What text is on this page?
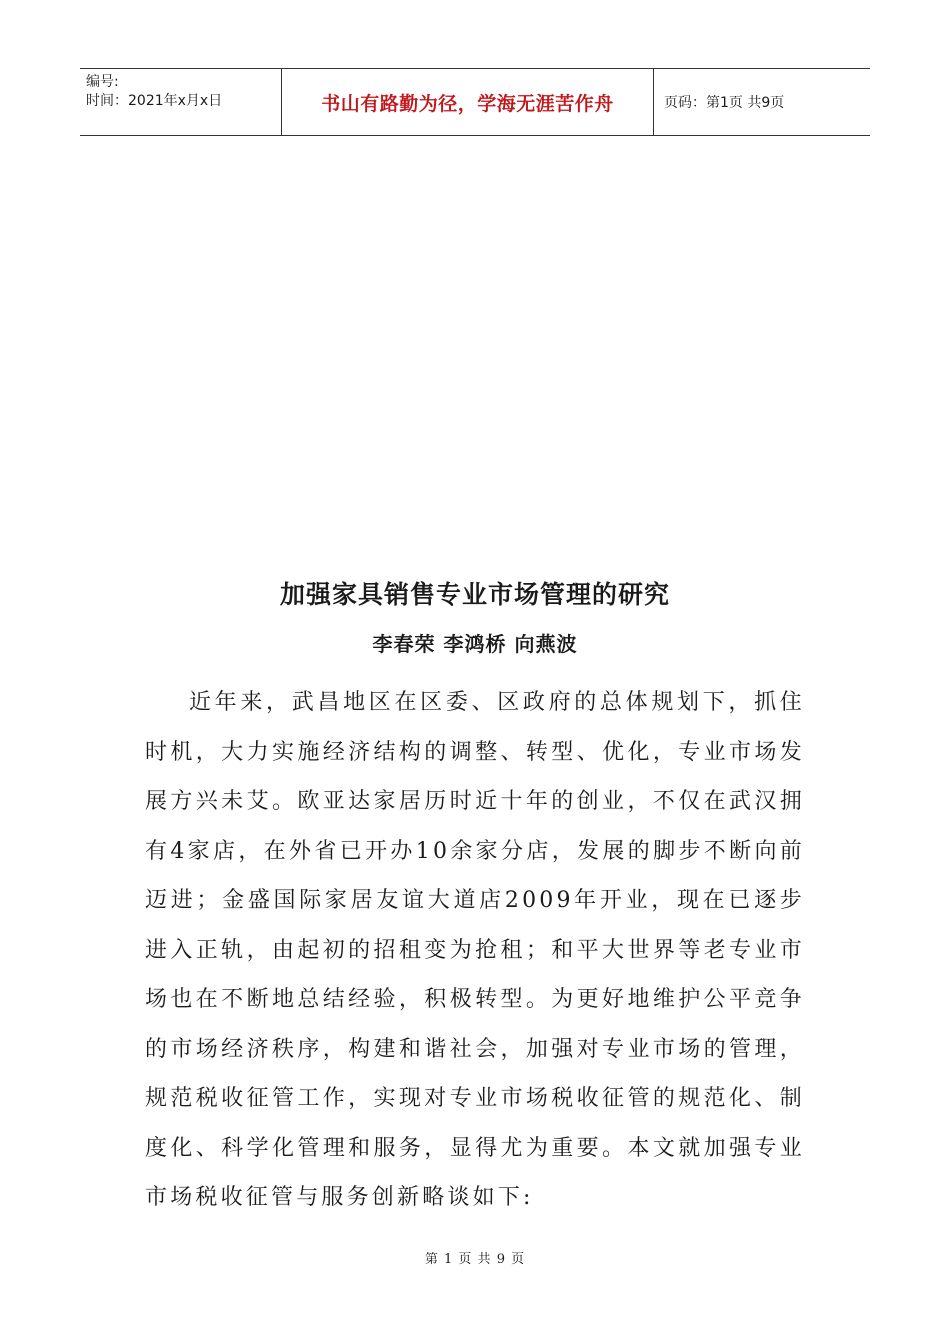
编号:
时间：2021年x月x日	书山有路勤为径，学海无涯苦作舟	页码：第1页 共9页
加强家具销售专业市场管理的研究
李春荣 李鸿桥 向燕波

近年来，武昌地区在区委、区政府的总体规划下，抓住时机，大力实施经济结构的调整、转型、优化，专业市场发展方兴未艾。欧亚达家居历时近十年的创业，不仅在武汉拥有4家店，在外省已开办10余家分店，发展的脚步不断向前迈进；金盛国际家居友谊大道店2009年开业，现在已逐步进入正轨，由起初的招租变为抢租；和平大世界等老专业市场也在不断地总结经验，积极转型。为更好地维护公平竞争的市场经济秩序，构建和谐社会，加强对专业市场的管理，规范税收征管工作，实现对专业市场税收征管的规范化、制度化、科学化管理和服务，显得尤为重要。本文就加强专业市场税收征管与服务创新略谈如下:

第 1 页 共 9 页
